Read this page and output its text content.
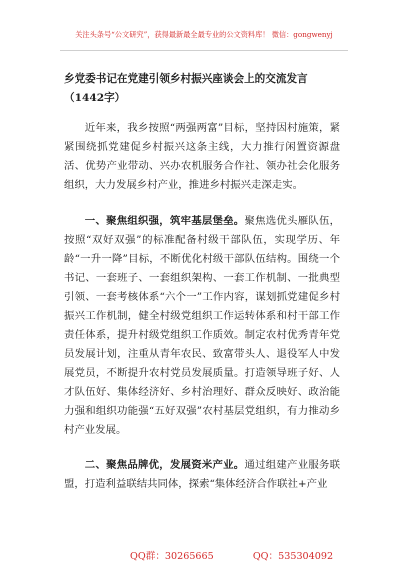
关注头条号“公文研究”，获得最新最全最专业的公文资料库！ 微信：gongwenyj
乡党委书记在党建引领乡村振兴座谈会上的交流发言
（1442字）

近年来，我乡按照“两强两富”目标，坚持因村施策，紧紧围绕抓党建促乡村振兴这条主线，大力推行闲置资源盘活、优势产业带动、兴办农机服务合作社、领办社会化服务组织，大力发展乡村产业，推进乡村振兴走深走实。

一、聚焦组织强，筑牢基层堡垒。聚焦选优头雁队伍，按照“双好双强”的标准配备村级干部队伍，实现学历、年龄“一升一降”目标，不断优化村级干部队伍结构。围绕一个书记、一套班子、一套组织架构、一套工作机制、一批典型引领、一套考核体系“六个一”工作内容，谋划抓党建促乡村振兴工作机制，健全村级党组织工作运转体系和村干部工作责任体系，提升村级党组织工作质效。制定农村优秀青年党员发展计划，注重从青年农民、致富带头人、退役军人中发展党员，不断提升农村党员发展质量。打造领导班子好、人才队伍好、集体经济好、乡村治理好、群众反映好、政治能力强和组织功能强“五好双强”农村基层党组织，有力推动乡村产业发展。

二、聚焦品牌优，发展资米产业。通过组建产业服务联盟，打造利益联结共同体，探索“集体经济合作联社+产业

QQ群：30265665	QQ：535304092
